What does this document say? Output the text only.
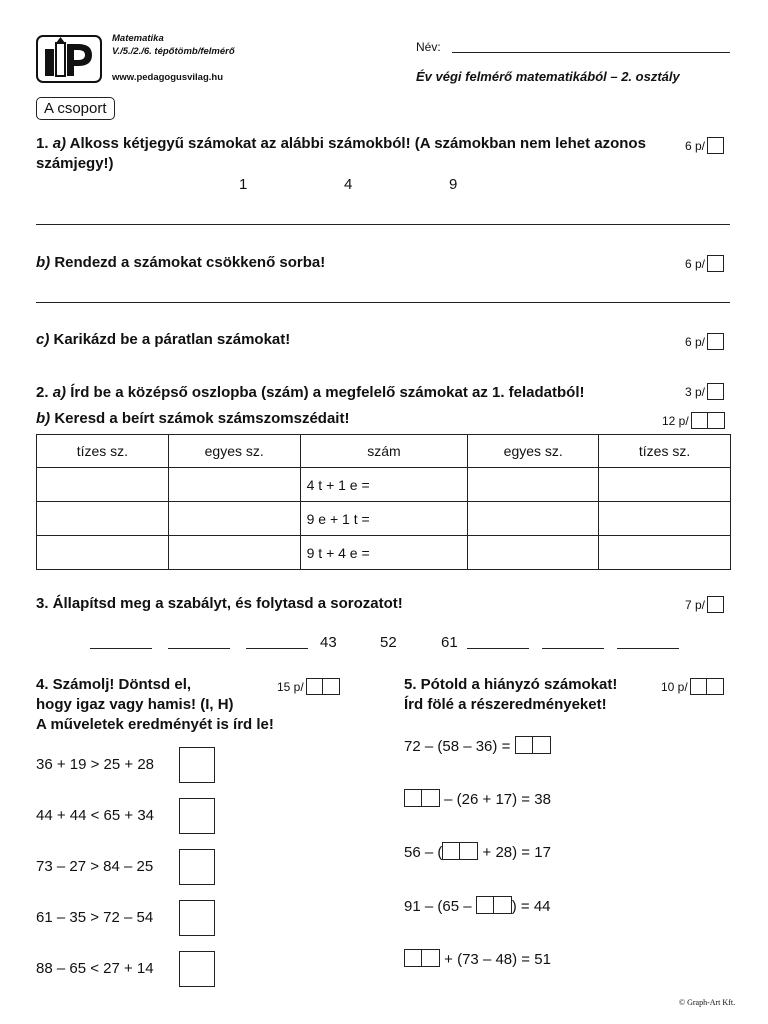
Matematika
V./5./2./6. tépőtömb/felmérő
www.pedagogusvilag.hu
Név:
Év végi felmérő matematikából – 2. osztály
A csoport
1. a) Alkoss kétjegyű számokat az alábbi számokból! (A számokban nem lehet azonos számjegy!)
6 p/
1	4	9
b) Rendezd a számokat csökkenő sorba!	6 p/
c) Karikázd be a páratlan számokat!	6 p/
2. a) Írd be a középső oszlopba (szám) a megfelelő számokat az 1. feladatból!	3 p/
b) Keresd a beírt számok számszomszédait!	12 p/
tízes sz.	egyes sz.	szám	egyes sz.	tízes sz.
		4 t + 1 e =		
		9 e + 1 t =		
		9 t + 4 e =		
3. Állapítsd meg a szabályt, és folytasd a sorozatot!	7 p/
43	52	61
4. Számolj! Döntsd el,
hogy igaz vagy hamis! (I, H)
A műveletek eredményét is írd le!
15 p/
36 + 19 > 25 + 28
44 + 44 < 65 + 34
73 – 27 > 84 – 25
61 – 35 > 72 – 54
88 – 65 < 27 + 14
5. Pótold a hiányzó számokat!
Írd fölé a részeredményeket!
10 p/
72 – (58 – 36) =
– (26 + 17) = 38
56 – (	+ 28) = 17
91 – (65 –	) = 44
+ (73 – 48) = 51
© Graph-Art Kft.
